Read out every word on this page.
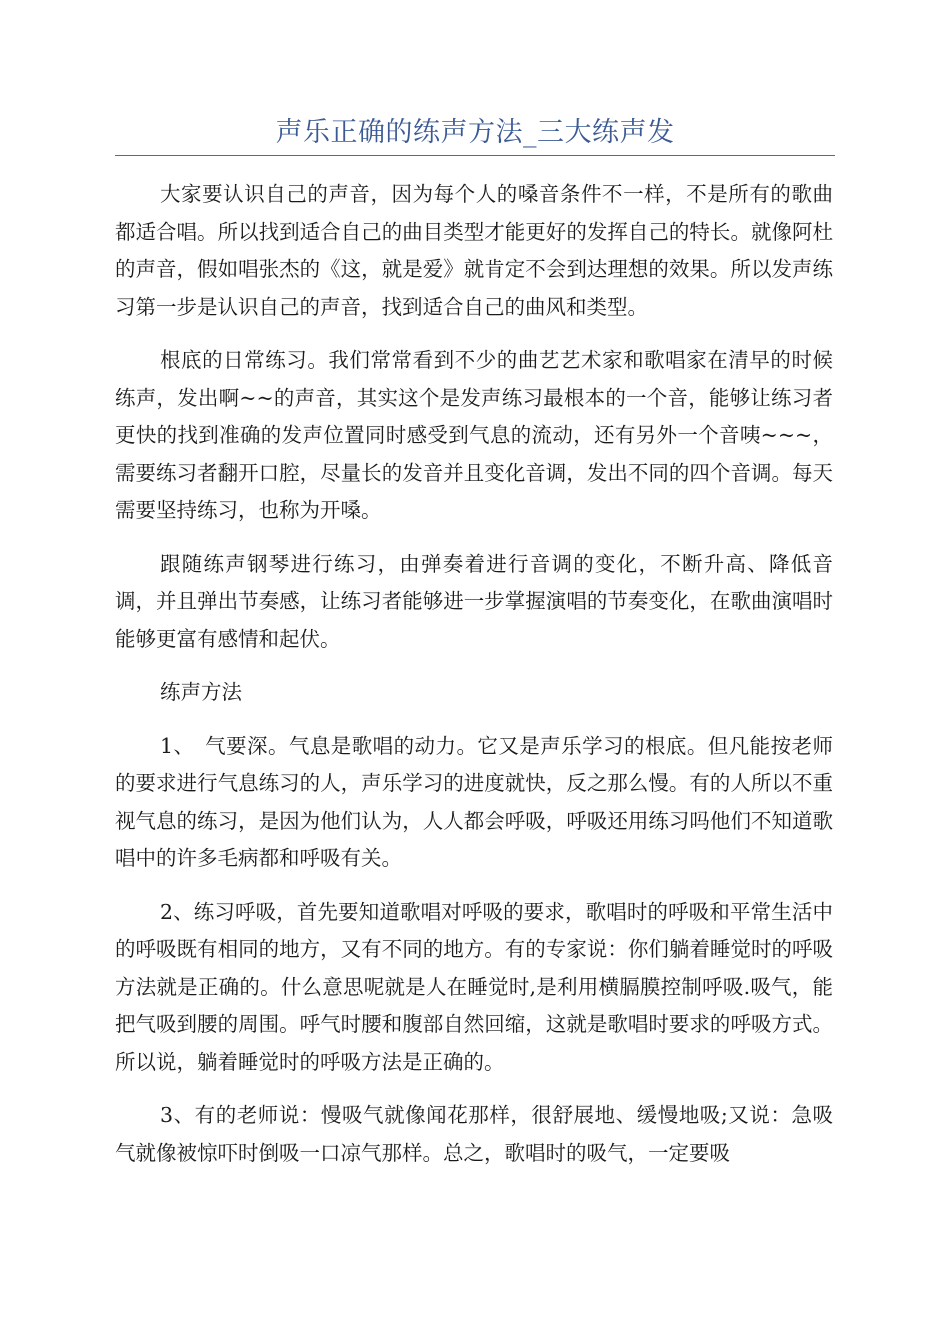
声乐正确的练声方法_三大练声发

大家要认识自己的声音，因为每个人的嗓音条件不一样，不是所有的歌曲都适合唱。所以找到适合自己的曲目类型才能更好的发挥自己的特长。就像阿杜的声音，假如唱张杰的《这，就是爱》就肯定不会到达理想的效果。所以发声练习第一步是认识自己的声音，找到适合自己的曲风和类型。

根底的日常练习。我们常常看到不少的曲艺艺术家和歌唱家在清早的时候练声，发出啊~~的声音，其实这个是发声练习最根本的一个音，能够让练习者更快的找到准确的发声位置同时感受到气息的流动，还有另外一个音咦~~~，需要练习者翻开口腔，尽量长的发音并且变化音调，发出不同的四个音调。每天需要坚持练习，也称为开嗓。

跟随练声钢琴进行练习，由弹奏着进行音调的变化，不断升高、降低音调，并且弹出节奏感，让练习者能够进一步掌握演唱的节奏变化，在歌曲演唱时能够更富有感情和起伏。

练声方法

1、　气要深。气息是歌唱的动力。它又是声乐学习的根底。但凡能按老师的要求进行气息练习的人，声乐学习的进度就快，反之那么慢。有的人所以不重视气息的练习，是因为他们认为，人人都会呼吸，呼吸还用练习吗他们不知道歌唱中的许多毛病都和呼吸有关。

2、练习呼吸，首先要知道歌唱对呼吸的要求，歌唱时的呼吸和平常生活中的呼吸既有相同的地方，又有不同的地方。有的专家说：你们躺着睡觉时的呼吸方法就是正确的。什么意思呢就是人在睡觉时,是利用横膈膜控制呼吸.吸气，能把气吸到腰的周围。呼气时腰和腹部自然回缩，这就是歌唱时要求的呼吸方式。所以说，躺着睡觉时的呼吸方法是正确的。

3、有的老师说：慢吸气就像闻花那样，很舒展地、缓慢地吸;又说：急吸气就像被惊吓时倒吸一口凉气那样。总之，歌唱时的吸气，一定要吸
